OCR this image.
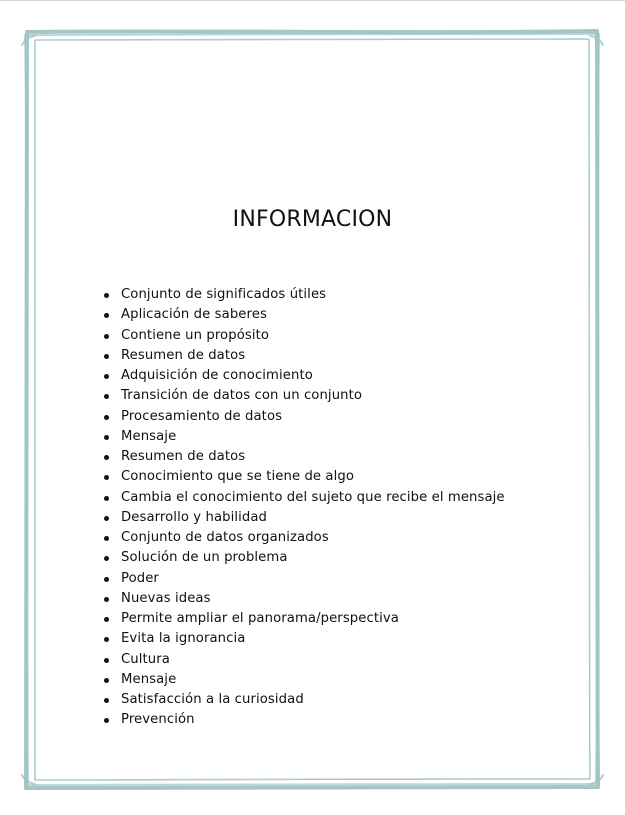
INFORMACION
Conjunto de significados útiles
Aplicación de saberes
Contiene un propósito
Resumen de datos
Adquisición de conocimiento
Transición de datos con un conjunto
Procesamiento de datos
Mensaje
Resumen de datos
Conocimiento que se tiene de algo
Cambia el conocimiento del sujeto que recibe el mensaje
Desarrollo y habilidad
Conjunto de datos organizados
Solución de un problema
Poder
Nuevas ideas
Permite ampliar el panorama/perspectiva
Evita la ignorancia
Cultura
Mensaje
Satisfacción a la curiosidad
Prevención
